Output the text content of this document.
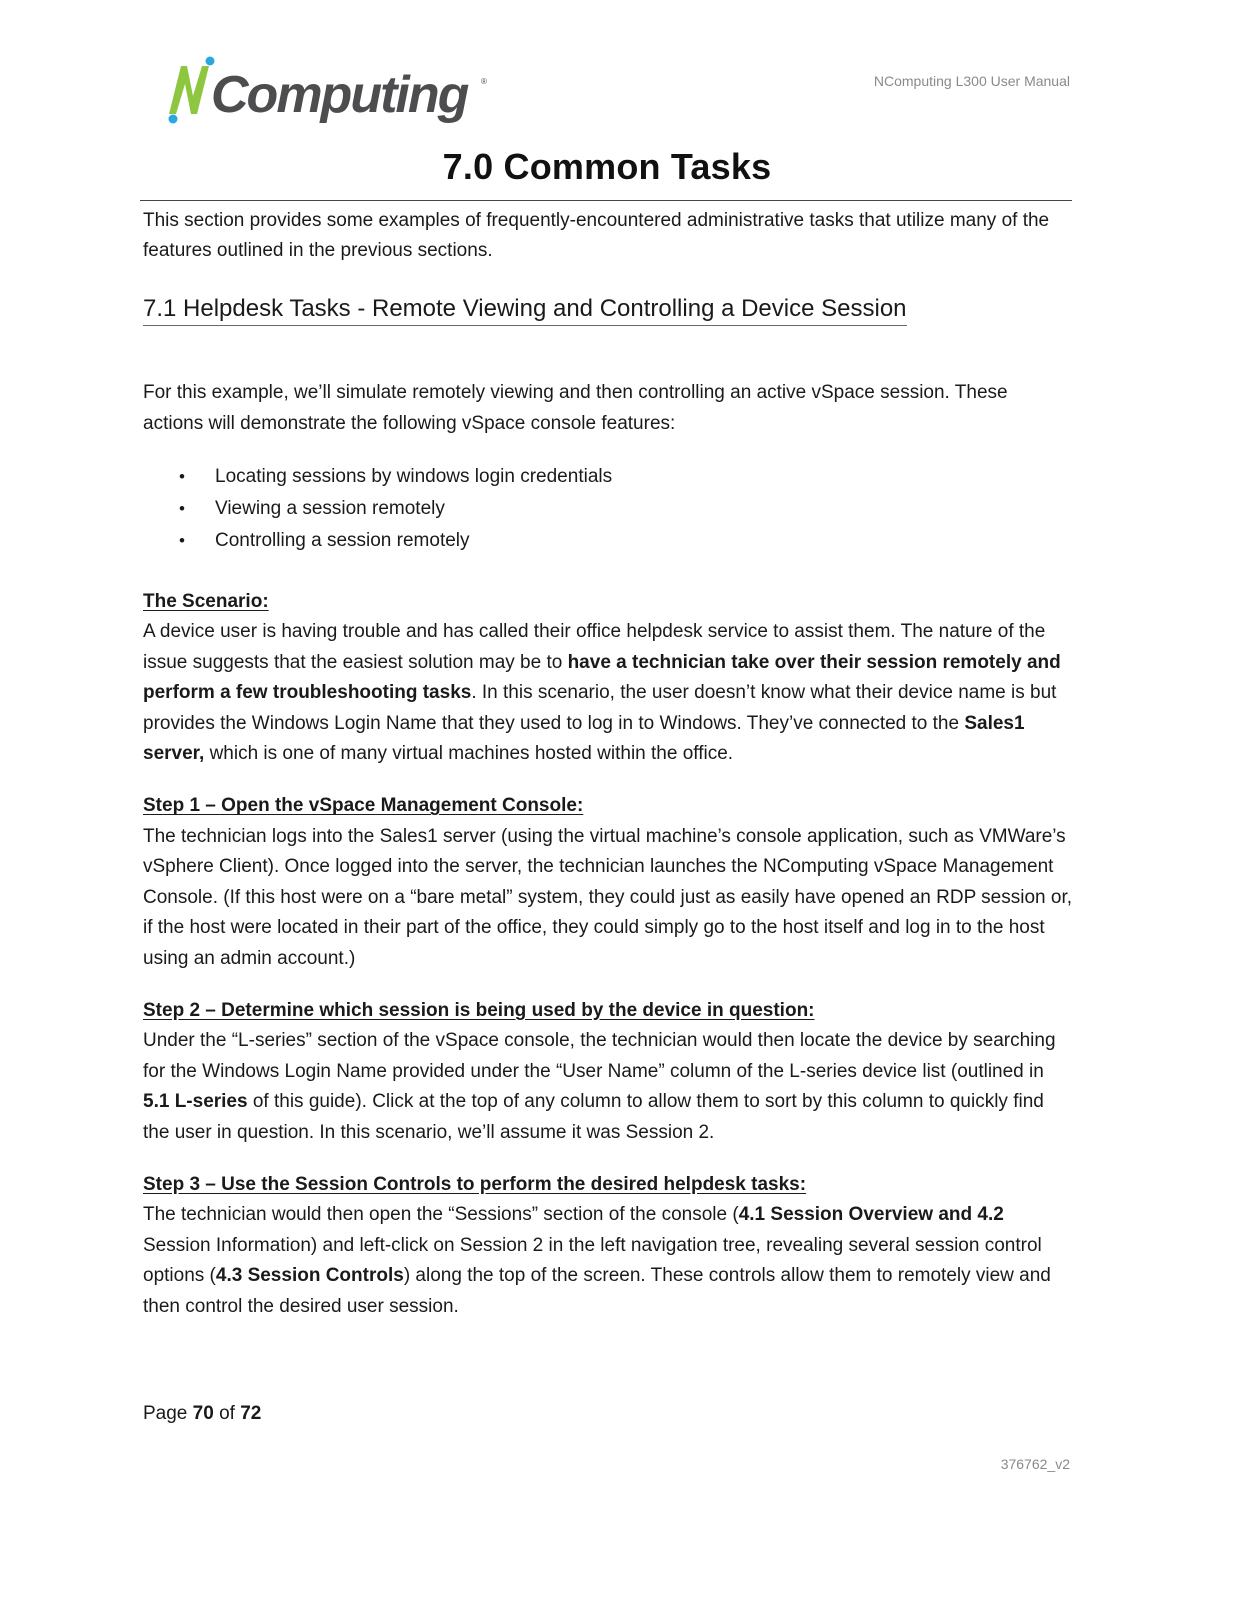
Computing ®	NComputing L300 User Manual
7.0 Common Tasks

This section provides some examples of frequently-encountered administrative tasks that utilize many of the features outlined in the previous sections.

7.1 Helpdesk Tasks - Remote Viewing and Controlling a Device Session

For this example, we’ll simulate remotely viewing and then controlling an active vSpace session. These actions will demonstrate the following vSpace console features:

• Locating sessions by windows login credentials
• Viewing a session remotely
• Controlling a session remotely

The Scenario:

A device user is having trouble and has called their office helpdesk service to assist them. The nature of the issue suggests that the easiest solution may be to have a technician take over their session remotely and perform a few troubleshooting tasks. In this scenario, the user doesn’t know what their device name is but provides the Windows Login Name that they used to log in to Windows. They’ve connected to the Sales1 server, which is one of many virtual machines hosted within the office.

Step 1 – Open the vSpace Management Console:

The technician logs into the Sales1 server (using the virtual machine’s console application, such as VMWare’s vSphere Client). Once logged into the server, the technician launches the NComputing vSpace Management Console. (If this host were on a “bare metal” system, they could just as easily have opened an RDP session or, if the host were located in their part of the office, they could simply go to the host itself and log in to the host using an admin account.)

Step 2 – Determine which session is being used by the device in question:

Under the “L-series” section of the vSpace console, the technician would then locate the device by searching for the Windows Login Name provided under the “User Name” column of the L-series device list (outlined in 5.1 L-series of this guide). Click at the top of any column to allow them to sort by this column to quickly find the user in question. In this scenario, we’ll assume it was Session 2.

Step 3 – Use the Session Controls to perform the desired helpdesk tasks:

The technician would then open the “Sessions” section of the console (4.1 Session Overview and 4.2 Session Information) and left-click on Session 2 in the left navigation tree, revealing several session control options (4.3 Session Controls) along the top of the screen. These controls allow them to remotely view and then control the desired user session.

Page 70 of 72
376762_v2
